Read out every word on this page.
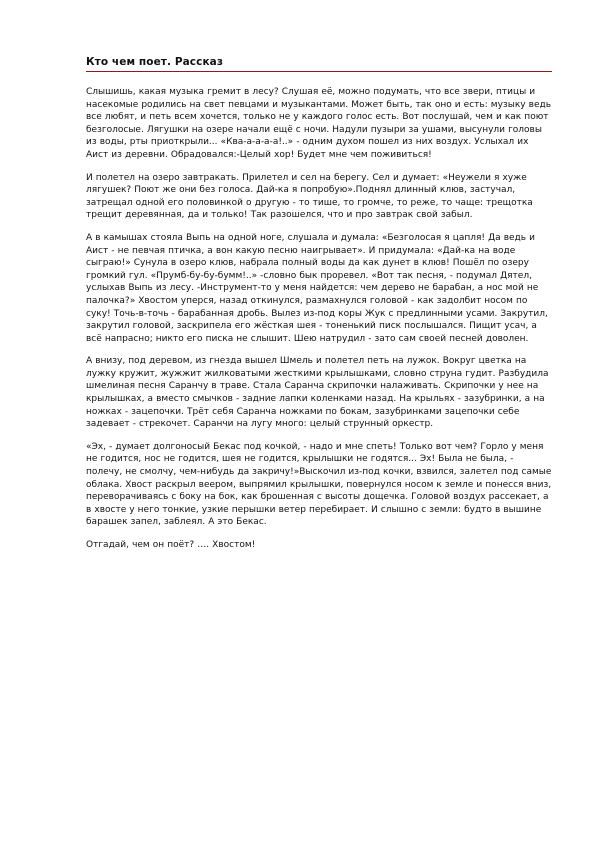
Кто чем поет. Рассказ

Слышишь, какая музыка гремит в лесу? Слушая её, можно подумать, что все звери, птицы и насекомые родились на свет певцами и музыкантами. Может быть, так оно и есть: музыку ведь все любят, и петь всем хочется, только не у каждого голос есть. Вот послушай, чем и как поют безголосые. Лягушки на озере начали ещё с ночи. Надули пузыри за ушами, высунули головы из воды, рты приоткрыли... «Ква-а-а-а-а!..» - одним духом пошел из них воздух. Услыхал их Аист из деревни. Обрадовался:-Целый хор! Будет мне чем поживиться!

И полетел на озеро завтракать. Прилетел и сел на берегу. Сел и думает: «Неужели я хуже лягушек? Поют же они без голоса. Дай-ка я попробую».Поднял длинный клюв, застучал, затрещал одной его половинкой о другую - то тише, то громче, то реже, то чаще: трещотка трещит деревянная, да и только! Так разошелся, что и про завтрак свой забыл.

А в камышах стояла Выпь на одной ноге, слушала и думала: «Безголосая я цапля! Да ведь и Аист - не певчая птичка, а вон какую песню наигрывает». И придумала: «Дай-ка на воде сыграю!» Сунула в озеро клюв, набрала полный воды да как дунет в клюв! Пошёл по озеру громкий гул. «Прумб-бу-бу-бумм!..» -словно бык проревел. «Вот так песня, - подумал Дятел, услыхав Выпь из лесу. -Инструмент-то у меня найдется: чем дерево не барабан, а нос мой не палочка?» Хвостом уперся, назад откинулся, размахнулся головой - как задолбит носом по суку! Точь-в-точь - барабанная дробь. Вылез из-под коры Жук с предлинными усами. Закрутил, закрутил головой, заскрипела его жёсткая шея - тоненький писк послышался. Пищит усач, а всё напрасно; никто его писка не слышит. Шею натрудил - зато сам своей песней доволен.

А внизу, под деревом, из гнезда вышел Шмель и полетел петь на лужок. Вокруг цветка на лужку кружит, жужжит жилковатыми жесткими крылышками, словно струна гудит. Разбудила шмелиная песня Саранчу в траве. Стала Саранча скрипочки налаживать. Скрипочки у нее на крылышках, а вместо смычков - задние лапки коленками назад. На крыльях - зазубринки, а на ножках - зацепочки. Трёт себя Саранча ножками по бокам, зазубринками зацепочки себе задевает - стрекочет. Саранчи на лугу много: целый струнный оркестр.

«Эх, - думает долгоносый Бекас под кочкой, - надо и мне спеть! Только вот чем? Горло у меня не годится, нос не годится, шея не годится, крылышки не годятся... Эх! Была не была, - полечу, не смолчу, чем-нибудь да закричу!»Выскочил из-под кочки, взвился, залетел под самые облака. Хвост раскрыл веером, выпрямил крылышки, повернулся носом к земле и понесся вниз, переворачиваясь с боку на бок, как брошенная с высоты дощечка. Головой воздух рассекает, а в хвосте у него тонкие, узкие перышки ветер перебирает. И слышно с земли: будто в вышине барашек запел, заблеял. А это Бекас.

Отгадай, чем он поёт? …. Хвостом!
